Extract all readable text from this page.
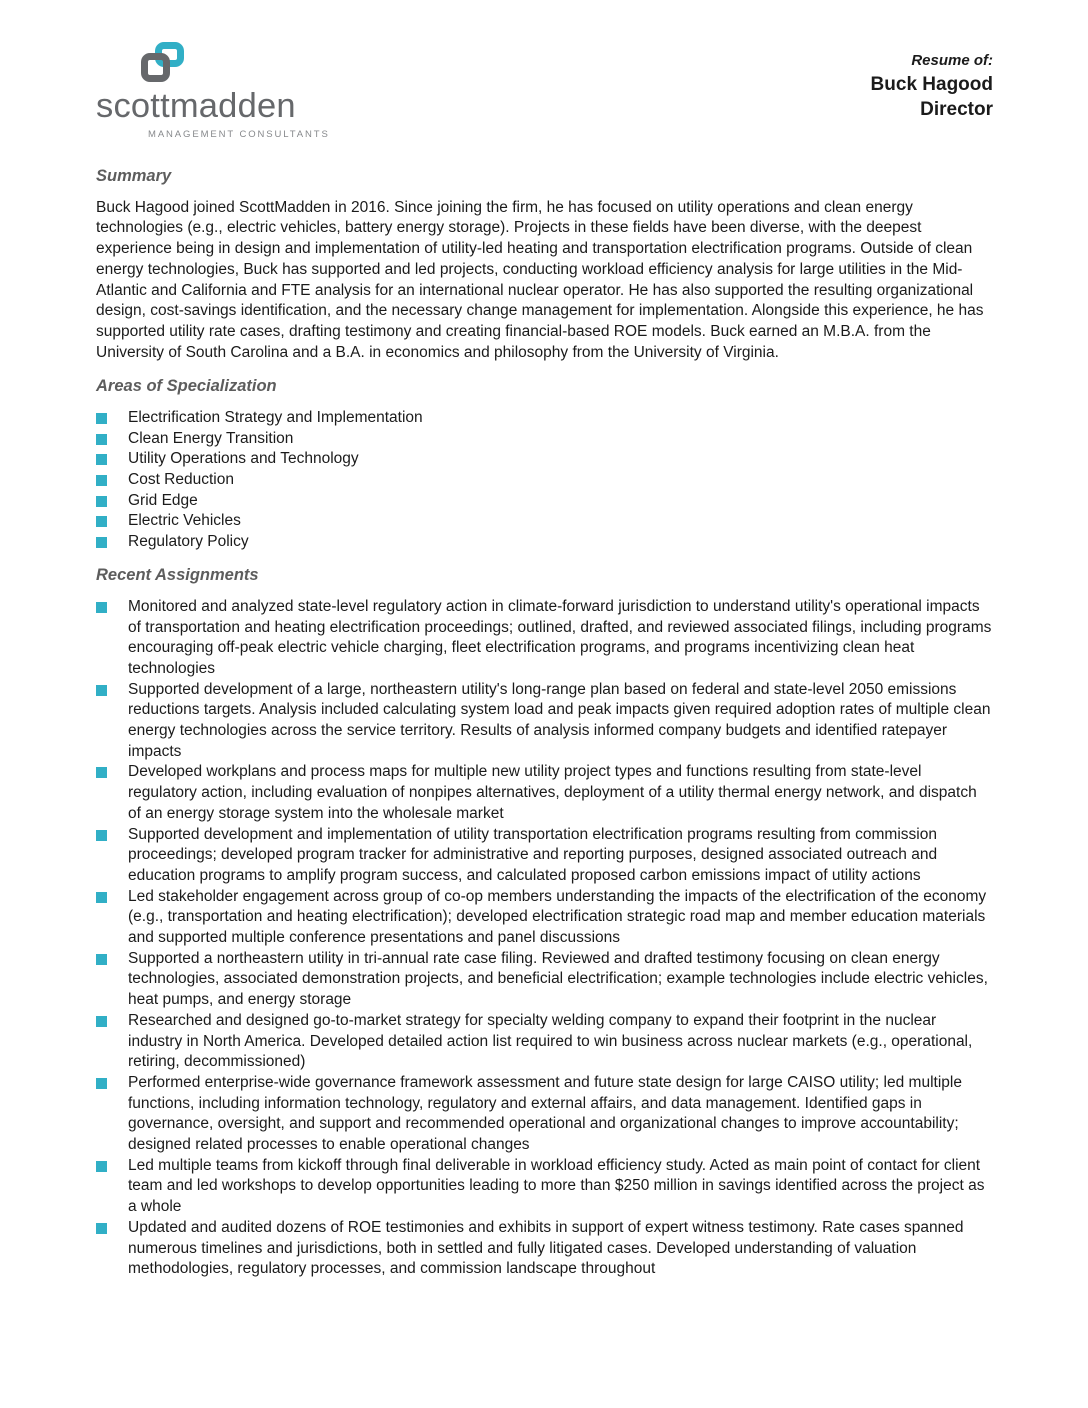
scottmadden
MANAGEMENT CONSULTANTS
Resume of:
Buck Hagood
Director
Summary

Buck Hagood joined ScottMadden in 2016. Since joining the firm, he has focused on utility operations and clean energy technologies (e.g., electric vehicles, battery energy storage). Projects in these fields have been diverse, with the deepest experience being in design and implementation of utility-led heating and transportation electrification programs. Outside of clean energy technologies, Buck has supported and led projects, conducting workload efficiency analysis for large utilities in the Mid-Atlantic and California and FTE analysis for an international nuclear operator. He has also supported the resulting organizational design, cost-savings identification, and the necessary change management for implementation. Alongside this experience, he has supported utility rate cases, drafting testimony and creating financial-based ROE models. Buck earned an M.B.A. from the University of South Carolina and a B.A. in economics and philosophy from the University of Virginia.

Areas of Specialization
Electrification Strategy and Implementation
Clean Energy Transition
Utility Operations and Technology
Cost Reduction
Grid Edge
Electric Vehicles
Regulatory Policy
Recent Assignments
Monitored and analyzed state-level regulatory action in climate-forward jurisdiction to understand utility's operational impacts of transportation and heating electrification proceedings; outlined, drafted, and reviewed associated filings, including programs encouraging off-peak electric vehicle charging, fleet electrification programs, and programs incentivizing clean heat technologies
Supported development of a large, northeastern utility's long-range plan based on federal and state-level 2050 emissions reductions targets. Analysis included calculating system load and peak impacts given required adoption rates of multiple clean energy technologies across the service territory. Results of analysis informed company budgets and identified ratepayer impacts
Developed workplans and process maps for multiple new utility project types and functions resulting from state-level regulatory action, including evaluation of nonpipes alternatives, deployment of a utility thermal energy network, and dispatch of an energy storage system into the wholesale market
Supported development and implementation of utility transportation electrification programs resulting from commission proceedings; developed program tracker for administrative and reporting purposes, designed associated outreach and education programs to amplify program success, and calculated proposed carbon emissions impact of utility actions
Led stakeholder engagement across group of co-op members understanding the impacts of the electrification of the economy (e.g., transportation and heating electrification); developed electrification strategic road map and member education materials and supported multiple conference presentations and panel discussions
Supported a northeastern utility in tri-annual rate case filing. Reviewed and drafted testimony focusing on clean energy technologies, associated demonstration projects, and beneficial electrification; example technologies include electric vehicles, heat pumps, and energy storage
Researched and designed go-to-market strategy for specialty welding company to expand their footprint in the nuclear industry in North America. Developed detailed action list required to win business across nuclear markets (e.g., operational, retiring, decommissioned)
Performed enterprise-wide governance framework assessment and future state design for large CAISO utility; led multiple functions, including information technology, regulatory and external affairs, and data management. Identified gaps in governance, oversight, and support and recommended operational and organizational changes to improve accountability; designed related processes to enable operational changes
Led multiple teams from kickoff through final deliverable in workload efficiency study. Acted as main point of contact for client team and led workshops to develop opportunities leading to more than $250 million in savings identified across the project as a whole
Updated and audited dozens of ROE testimonies and exhibits in support of expert witness testimony. Rate cases spanned numerous timelines and jurisdictions, both in settled and fully litigated cases. Developed understanding of valuation methodologies, regulatory processes, and commission landscape throughout
